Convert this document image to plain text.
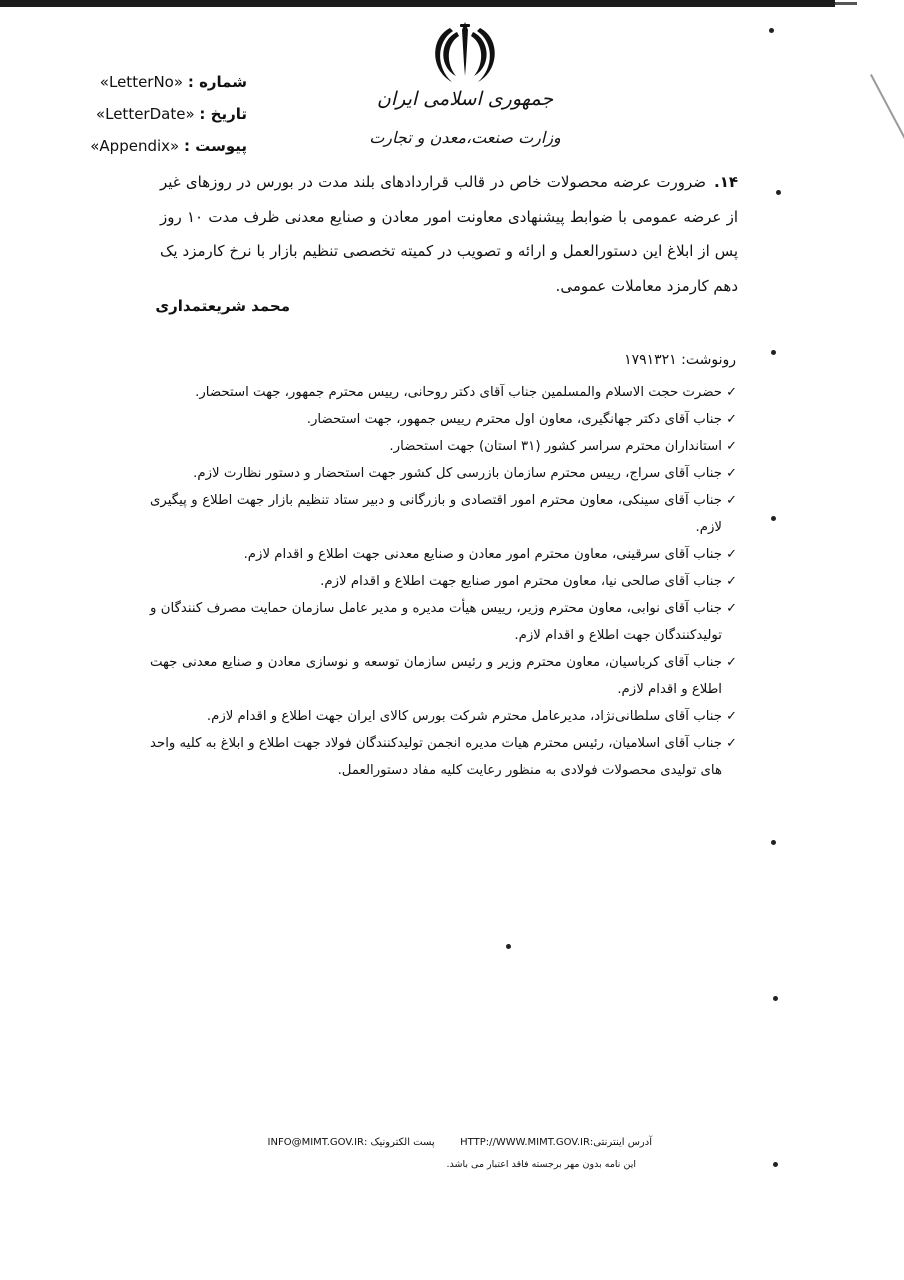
جمهوری اسلامی ایران
وزارت صنعت،معدن و تجارت
شماره : «LetterNo»
تاریخ : «LetterDate»
پیوست : «Appendix»
۱۴.ضرورت عرضه محصولات خاص در قالب قراردادهای بلند مدت در بورس در روزهای غیر از عرضه عمومی با ضوابط پیشنهادی معاونت امور معادن و صنایع معدنی ظرف مدت ۱۰ روز پس از ابلاغ این دستورالعمل و ارائه و تصویب در کمیته تخصصی تنظیم بازار با نرخ کارمزد یک دهم کارمزد معاملات عمومی.
محمد شریعتمداری
رونوشت: ۱۷۹۱۳۲۱
✓ حضرت حجت الاسلام والمسلمین جناب آقای دکتر روحانی، رییس محترم جمهور، جهت استحضار.
✓ جناب آقای دکتر جهانگیری، معاون اول محترم رییس جمهور، جهت استحضار.
✓ استانداران محترم سراسر کشور (۳۱ استان) جهت استحضار.
✓ جناب آقای سراج، رییس محترم سازمان بازرسی کل کشور جهت استحضار و دستور نظارت لازم.
✓ جناب آقای سینکی، معاون محترم امور اقتصادی و بازرگانی و دبیر ستاد تنظیم بازار جهت اطلاع و پیگیری لازم.
✓ جناب آقای سرقینی، معاون محترم امور معادن و صنایع معدنی جهت اطلاع و اقدام لازم.
✓ جناب آقای صالحی نیا، معاون محترم امور صنایع جهت اطلاع و اقدام لازم.
✓ جناب آقای نوابی، معاون محترم وزیر، رییس هیأت مدیره و مدیر عامل سازمان حمایت مصرف کنندگان و تولیدکنندگان جهت اطلاع و اقدام لازم.
✓ جناب آقای کرباسیان، معاون محترم وزیر و رئیس سازمان توسعه و نوسازی معادن و صنایع معدنی جهت اطلاع و اقدام لازم.
✓ جناب آقای سلطانی‌نژاد، مدیرعامل محترم شرکت بورس کالای ایران جهت اطلاع و اقدام لازم.
✓ جناب آقای اسلامیان، رئیس محترم هیات مدیره انجمن تولیدکنندگان فولاد جهت اطلاع و ابلاغ به کلیه واحد های تولیدی محصولات فولادی به منظور رعایت کلیه مفاد دستورالعمل.
آدرس اینترنتی:HTTP://WWW.MIMT.GOV.IR        پست الکترونیک :INFO@MIMT.GOV.IR
این نامه بدون مهر برجسته فاقد اعتبار می باشد.
